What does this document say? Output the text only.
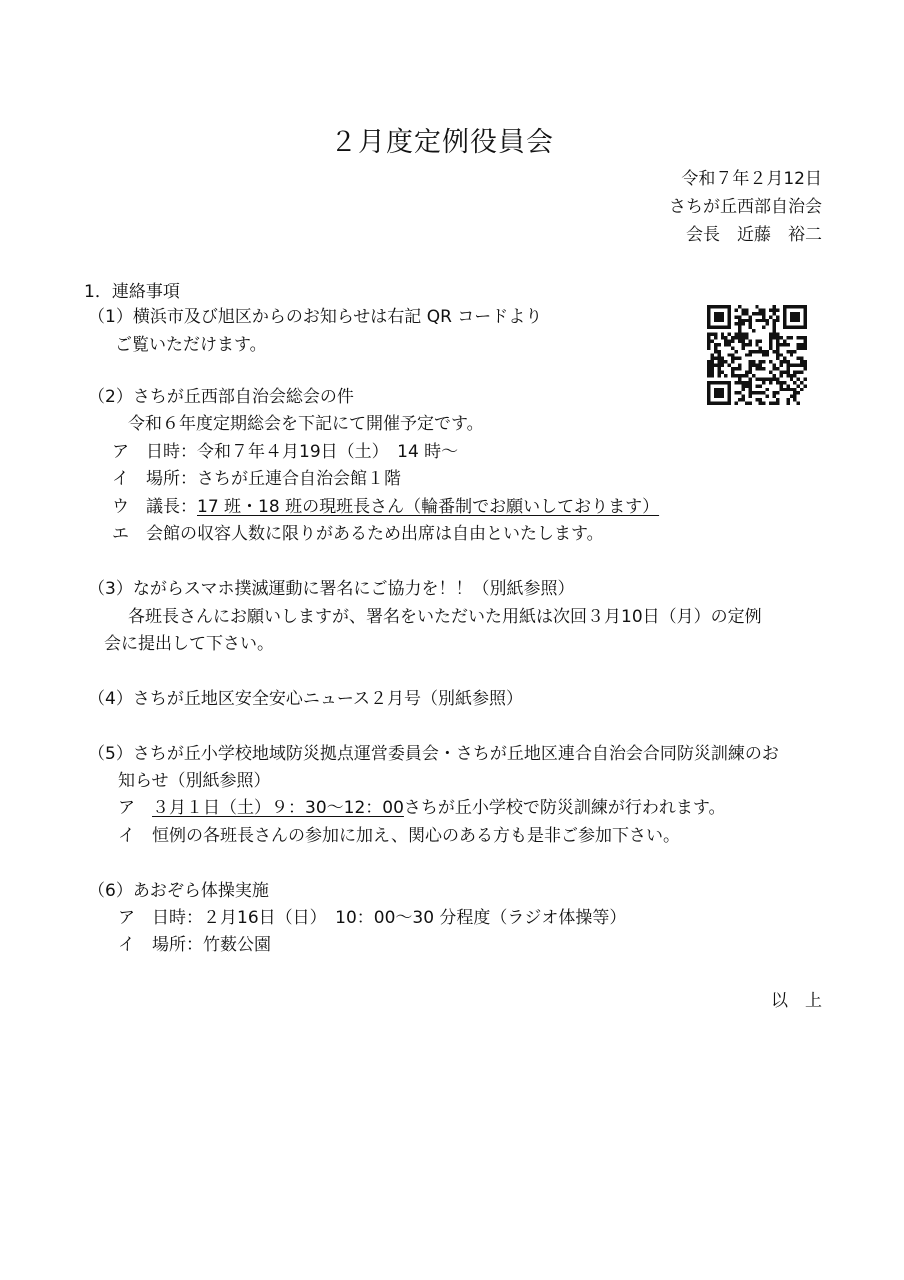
２月度定例役員会
令和７年２月12日
さちが丘西部自治会
会長　近藤　裕二
1．連絡事項
（1）横浜市及び旭区からのお知らせは右記 QR コードより
ご覧いただけます。
（2）さちが丘西部自治会総会の件
令和６年度定期総会を下記にて開催予定です。
ア　日時：令和７年４月19日（土）　14 時～
イ　場所：さちが丘連合自治会館１階
ウ　議長：17 班・18 班の現班長さん（輪番制でお願いしております）
エ　会館の収容人数に限りがあるため出席は自由といたします。
（3）ながらスマホ撲滅運動に署名にご協力を！！（別紙参照）
各班長さんにお願いしますが、署名をいただいた用紙は次回３月10日（月）の定例
会に提出して下さい。
（4）さちが丘地区安全安心ニュース２月号（別紙参照）
（5）さちが丘小学校地域防災拠点運営委員会・さちが丘地区連合自治会合同防災訓練のお
知らせ（別紙参照）
ア　３月１日（土）９：30～12：00さちが丘小学校で防災訓練が行われます。
イ　恒例の各班長さんの参加に加え、関心のある方も是非ご参加下さい。
（6）あおぞら体操実施
ア　日時：２月16日（日）　10：00～30 分程度（ラジオ体操等）
イ　場所：竹薮公園
以　上
